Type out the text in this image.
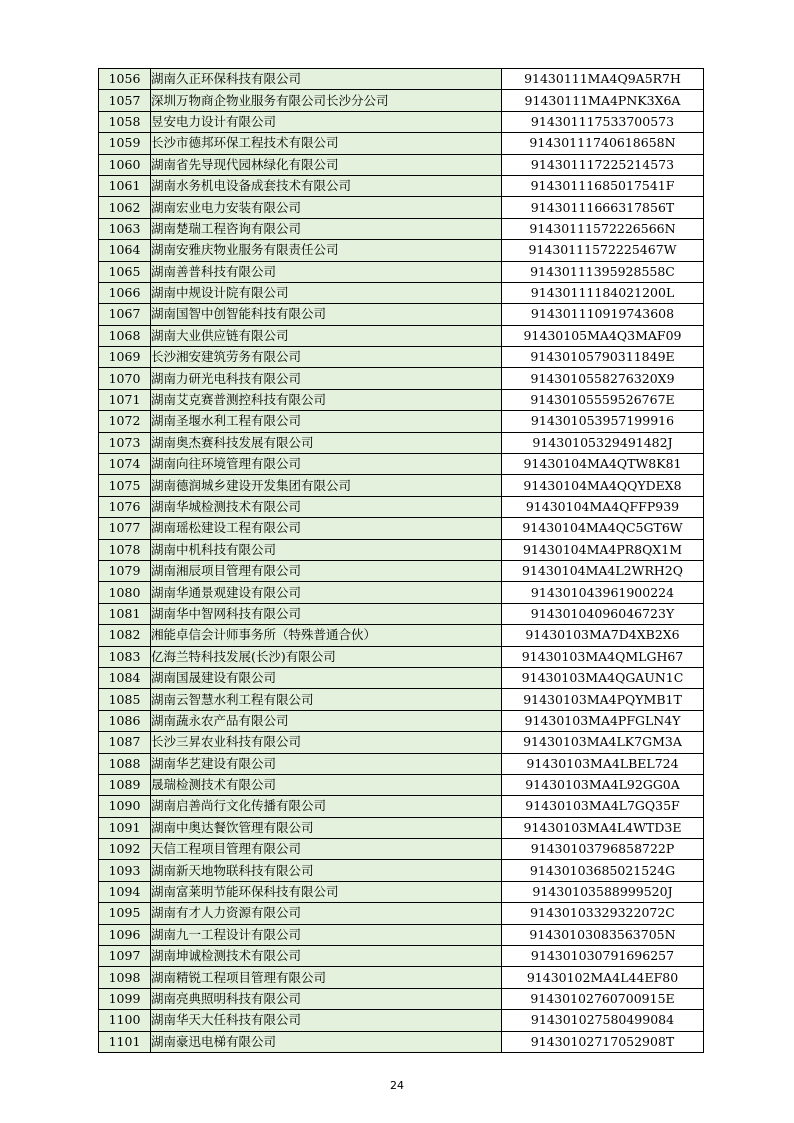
1056	湖南久正环保科技有限公司	91430111MA4Q9A5R7H
1057	深圳万物商企物业服务有限公司长沙分公司	91430111MA4PNK3X6A
1058	昱安电力设计有限公司	914301117533700573
1059	长沙市德邦环保工程技术有限公司	91430111740618658N
1060	湖南省先导现代园林绿化有限公司	914301117225214573
1061	湖南水务机电设备成套技术有限公司	91430111685017541F
1062	湖南宏业电力安装有限公司	91430111666317856T
1063	湖南楚瑞工程咨询有限公司	91430111572226566N
1064	湖南安雅庆物业服务有限责任公司	91430111572225467W
1065	湖南善普科技有限公司	91430111395928558C
1066	湖南中规设计院有限公司	91430111184021200L
1067	湖南国智中创智能科技有限公司	914301110919743608
1068	湖南大业供应链有限公司	91430105MA4Q3MAF09
1069	长沙湘安建筑劳务有限公司	91430105790311849E
1070	湖南力研光电科技有限公司	9143010558276320X9
1071	湖南艾克赛普测控科技有限公司	91430105559526767E
1072	湖南圣堰水利工程有限公司	914301053957199916
1073	湖南奥杰赛科技发展有限公司	91430105329491482J
1074	湖南向往环境管理有限公司	91430104MA4QTW8K81
1075	湖南德润城乡建设开发集团有限公司	91430104MA4QQYDEX8
1076	湖南华城检测技术有限公司	91430104MA4QFFP939
1077	湖南瑶松建设工程有限公司	91430104MA4QC5GT6W
1078	湖南中机科技有限公司	91430104MA4PR8QX1M
1079	湖南湘辰项目管理有限公司	91430104MA4L2WRH2Q
1080	湖南华通景观建设有限公司	914301043961900224
1081	湖南华中智网科技有限公司	91430104096046723Y
1082	湘能卓信会计师事务所（特殊普通合伙）	91430103MA7D4XB2X6
1083	亿海兰特科技发展(长沙)有限公司	91430103MA4QMLGH67
1084	湖南国晟建设有限公司	91430103MA4QGAUN1C
1085	湖南云智慧水利工程有限公司	91430103MA4PQYMB1T
1086	湖南蔬永农产品有限公司	91430103MA4PFGLN4Y
1087	长沙三昇农业科技有限公司	91430103MA4LK7GM3A
1088	湖南华艺建设有限公司	91430103MA4LBEL724
1089	晟瑞检测技术有限公司	91430103MA4L92GG0A
1090	湖南启善尚行文化传播有限公司	91430103MA4L7GQ35F
1091	湖南中奥达餐饮管理有限公司	91430103MA4L4WTD3E
1092	天信工程项目管理有限公司	91430103796858722P
1093	湖南新天地物联科技有限公司	91430103685021524G
1094	湖南富莱明节能环保科技有限公司	91430103588999520J
1095	湖南有才人力资源有限公司	91430103329322072C
1096	湖南九一工程设计有限公司	91430103083563705N
1097	湖南坤诚检测技术有限公司	914301030791696257
1098	湖南精锐工程项目管理有限公司	91430102MA4L44EF80
1099	湖南亮典照明科技有限公司	91430102760700915E
1100	湖南华天大任科技有限公司	914301027580499084
1101	湖南豪迅电梯有限公司	91430102717052908T
24
